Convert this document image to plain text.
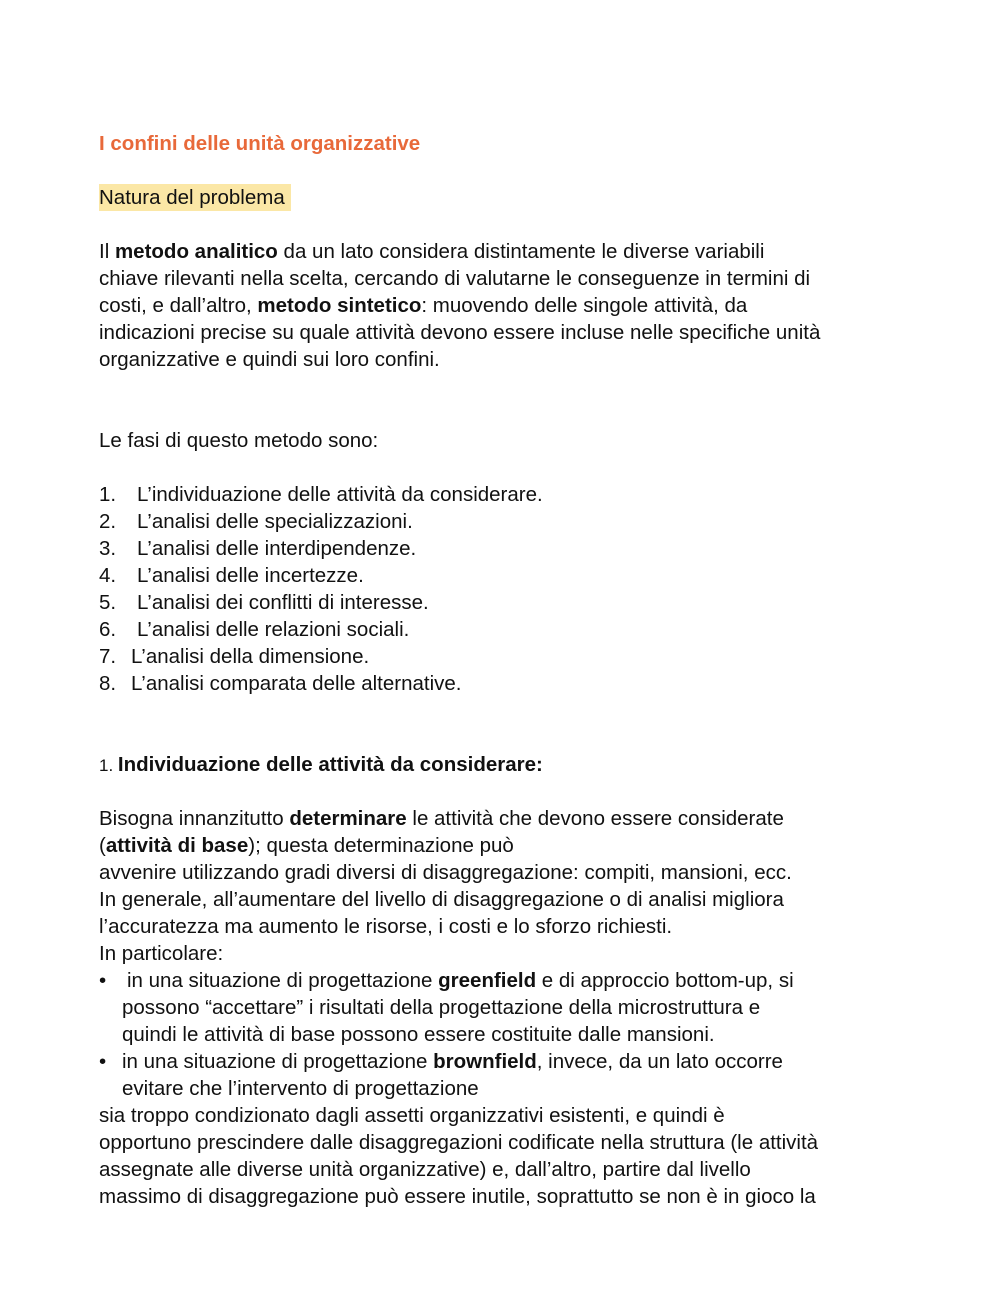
I confini delle unità organizzative
Natura del problema

Il metodo analitico da un lato considera distintamente le diverse variabili
chiave rilevanti nella scelta, cercando di valutarne le conseguenze in termini di
costi, e dall’altro, metodo sintetico: muovendo delle singole attività, da
indicazioni precise su quale attività devono essere incluse nelle specifiche unità
organizzative e quindi sui loro confini.

Le fasi di questo metodo sono:

1.	L’individuazione delle attività da considerare.
2.	L’analisi delle specializzazioni.
3.	L’analisi delle interdipendenze.
4.	L’analisi delle incertezze.
5.	L’analisi dei conflitti di interesse.
6.	L’analisi delle relazioni sociali.
7. L’analisi della dimensione.
8. L’analisi comparata delle alternative.
1. Individuazione delle attività da considerare:

Bisogna innanzitutto determinare le attività che devono essere considerate
(attività di base); questa determinazione può
avvenire utilizzando gradi diversi di disaggregazione: compiti, mansioni, ecc.
In generale, all’aumentare del livello di disaggregazione o di analisi migliora
l’accuratezza ma aumento le risorse, i costi e lo sforzo richiesti.
In particolare:

•	in una situazione di progettazione greenfield e di approccio bottom-up, si
possono “accettare” i risultati della progettazione della microstruttura e
quindi le attività di base possono essere costituite dalle mansioni.
• in una situazione di progettazione brownfield, invece, da un lato occorre
evitare che l’intervento di progettazione

sia troppo condizionato dagli assetti organizzativi esistenti, e quindi è
opportuno prescindere dalle disaggregazioni codificate nella struttura (le attività
assegnate alle diverse unità organizzative) e, dall’altro, partire dal livello
massimo di disaggregazione può essere inutile, soprattutto se non è in gioco la
